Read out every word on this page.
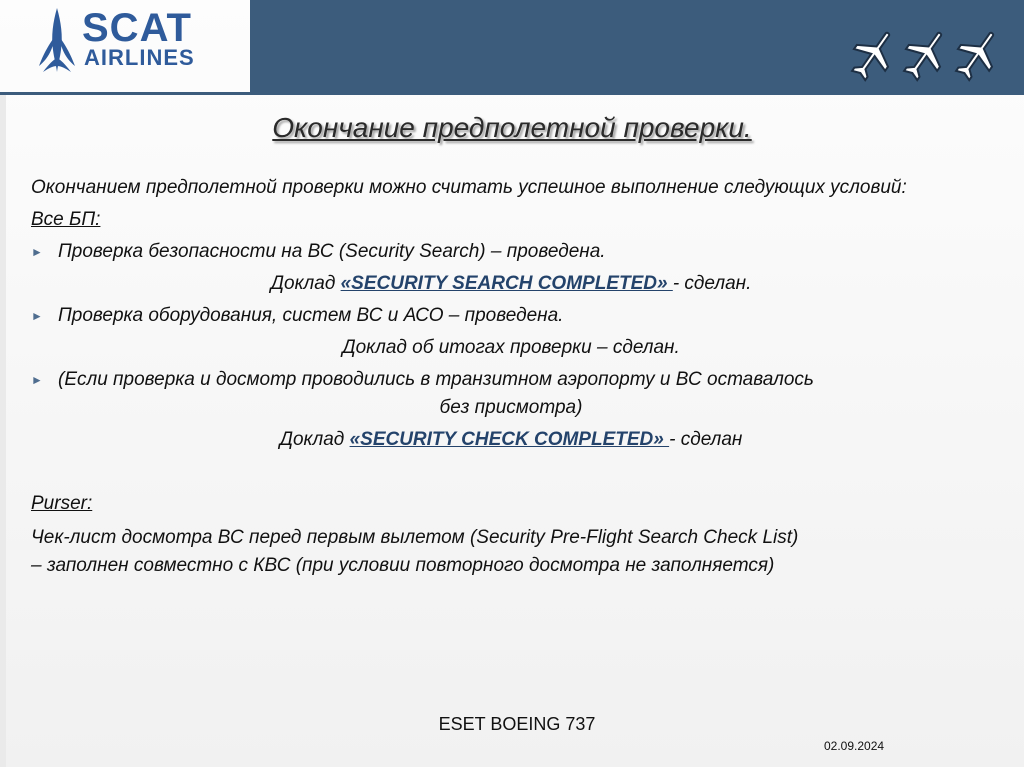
SCAT
AIRLINES
Окончание предполетной проверки.

Окончанием предполетной проверки можно считать успешное выполнение следующих условий:

Все БП:

► Проверка безопасности на ВС (Security Search) – проведена.
Доклад «SECURITY SEARCH COMPLETED» - сделан.
► Проверка оборудования, систем ВС и АСО – проведена.
Доклад об итогах проверки – сделан.
► (Если проверка и досмотр проводились в транзитном аэропорту и ВС оставалось
без присмотра)
Доклад «SECURITY CHECK COMPLETED» - сделан

Purser:

Чек-лист досмотра ВС перед первым вылетом (Security Pre-Flight Search Check List)

– заполнен совместно с КВС (при условии повторного досмотра не заполняется)

ESET BOEING 737
02.09.2024
